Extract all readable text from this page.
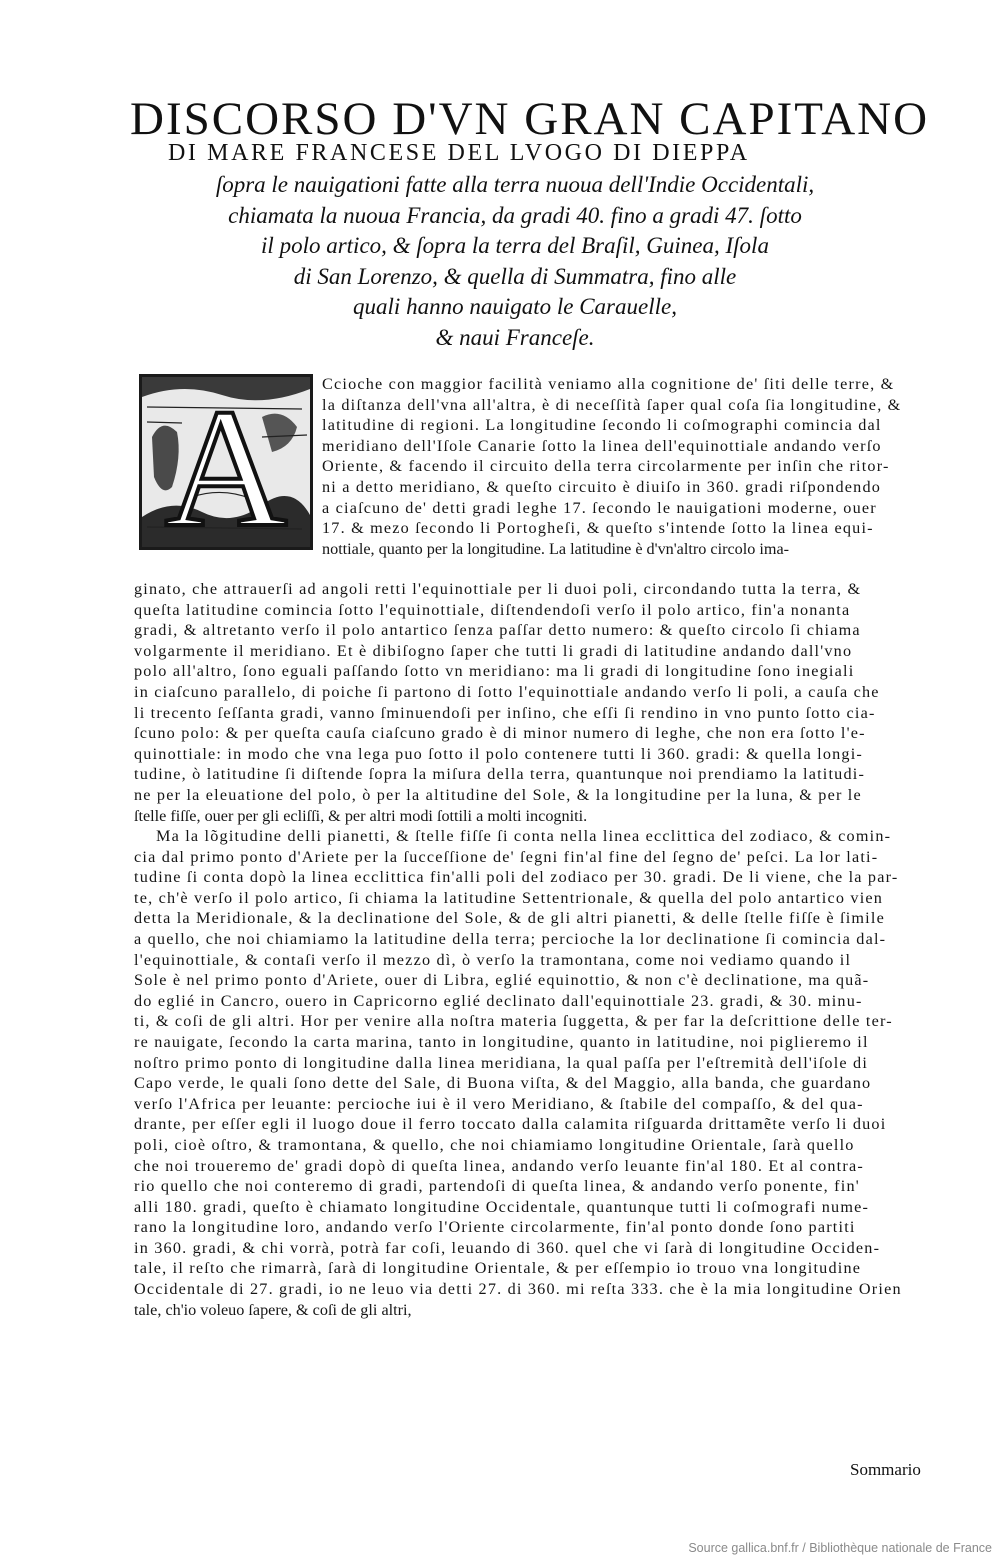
DISCORSO D'VN GRAN CAPITANO
DI MARE FRANCESE DEL LVOGO DI DIEPPA
ſopra le nauigationi fatte alla terra nuoua dell'Indie Occidentali,
chiamata la nuoua Francia, da gradi 40. fino a gradi 47. ſotto
il polo artico, & ſopra la terra del Braſil, Guinea, Iſola
di San Lorenzo, & quella di Summatra, fino alle
quali hanno nauigato le Carauelle,
& naui Franceſe.
A Ccioche con maggior facilità veniamo alla cognitione de' ſiti delle terre, &
la diſtanza dell'vna all'altra, è di neceſſità ſaper qual coſa ſia longitudine, &
latitudine di regioni. La longitudine ſecondo li coſmographi comincia dal
meridiano dell'Iſole Canarie ſotto la linea dell'equinottiale andando verſo
Oriente, & facendo il circuito della terra circolarmente per inſin che ritor-
ni a detto meridiano, & queſto circuito è diuiſo in 360. gradi riſpondendo
a ciaſcuno de' detti gradi leghe 17. ſecondo le nauigationi moderne, ouer
17. & mezo ſecondo li Portogheſi, & queſto s'intende ſotto la linea equi-
nottiale, quanto per la longitudine. La latitudine è d'vn'altro circolo ima-
ginato, che attrauerſi ad angoli retti l'equinottiale per li duoi poli, circondando tutta la terra, &
queſta latitudine comincia ſotto l'equinottiale, diſtendendoſi verſo il polo artico, fin'a nonanta
gradi, & altretanto verſo il polo antartico ſenza paſſar detto numero: & queſto circolo ſi chiama
volgarmente il meridiano. Et è dibiſogno ſaper che tutti li gradi di latitudine andando dall'vno
polo all'altro, ſono eguali paſſando ſotto vn meridiano: ma li gradi di longitudine ſono inegiali
in ciaſcuno parallelo, di poiche ſi partono di ſotto l'equinottiale andando verſo li poli, a cauſa che
li trecento ſeſſanta gradi, vanno ſminuendoſi per inſino, che eſſi ſi rendino in vno punto ſotto cia-
ſcuno polo: & per queſta cauſa ciaſcuno grado è di minor numero di leghe, che non era ſotto l'e-
quinottiale: in modo che vna lega puo ſotto il polo contenere tutti li 360. gradi: & quella longi-
tudine, ò latitudine ſi diſtende ſopra la miſura della terra, quantunque noi prendiamo la latitudi-
ne per la eleuatione del polo, ò per la altitudine del Sole, & la longitudine per la luna, & per le
ſtelle fiſſe, ouer per gli ecliſſi, & per altri modi ſottili a molti incogniti.
Ma la lõgitudine delli pianetti, & ſtelle fiſſe ſi conta nella linea ecclittica del zodiaco, & comin-
cia dal primo ponto d'Ariete per la ſucceſſione de' ſegni fin'al fine del ſegno de' peſci. La lor lati-
tudine ſi conta dopò la linea ecclittica fin'alli poli del zodiaco per 30. gradi. De li viene, che la par-
te, ch'è verſo il polo artico, ſi chiama la latitudine Settentrionale, & quella del polo antartico vien
detta la Meridionale, & la declinatione del Sole, & de gli altri pianetti, & delle ſtelle fiſſe è ſimile
a quello, che noi chiamiamo la latitudine della terra; percioche la lor declinatione ſi comincia dal-
l'equinottiale, & contaſi verſo il mezzo dì, ò verſo la tramontana, come noi vediamo quando il
Sole è nel primo ponto d'Ariete, ouer di Libra, eglié equinottio, & non c'è declinatione, ma quã-
do eglié in Cancro, ouero in Capricorno eglié declinato dall'equinottiale 23. gradi, & 30. minu-
ti, & coſi de gli altri. Hor per venire alla noſtra materia ſuggetta, & per far la deſcrittione delle ter-
re nauigate, ſecondo la carta marina, tanto in longitudine, quanto in latitudine, noi piglieremo il
noſtro primo ponto di longitudine dalla linea meridiana, la qual paſſa per l'eſtremità dell'iſole di
Capo verde, le quali ſono dette del Sale, di Buona viſta, & del Maggio, alla banda, che guardano
verſo l'Africa per leuante: percioche iui è il vero Meridiano, & ſtabile del compaſſo, & del qua-
drante, per eſſer egli il luogo doue il ferro toccato dalla calamita riſguarda drittamẽte verſo li duoi
poli, cioè oſtro, & tramontana, & quello, che noi chiamiamo longitudine Orientale, ſarà quello
che noi troueremo de' gradi dopò di queſta linea, andando verſo leuante fin'al 180. Et al contra-
rio quello che noi conteremo di gradi, partendoſi di queſta linea, & andando verſo ponente, fin'
alli 180. gradi, queſto è chiamato longitudine Occidentale, quantunque tutti li coſmografi nume-
rano la longitudine loro, andando verſo l'Oriente circolarmente, fin'al ponto donde ſono partiti
in 360. gradi, & chi vorrà, potrà far coſi, leuando di 360. quel che vi ſarà di longitudine Occiden-
tale, il reſto che rimarrà, ſarà di longitudine Orientale, & per eſſempio io trouo vna longitudine
Occidentale di 27. gradi, io ne leuo via detti 27. di 360. mi reſta 333. che è la mia longitudine Orien
tale, ch'io voleuo ſapere, & coſi de gli altri,
Sommario
Source gallica.bnf.fr / Bibliothèque nationale de France
